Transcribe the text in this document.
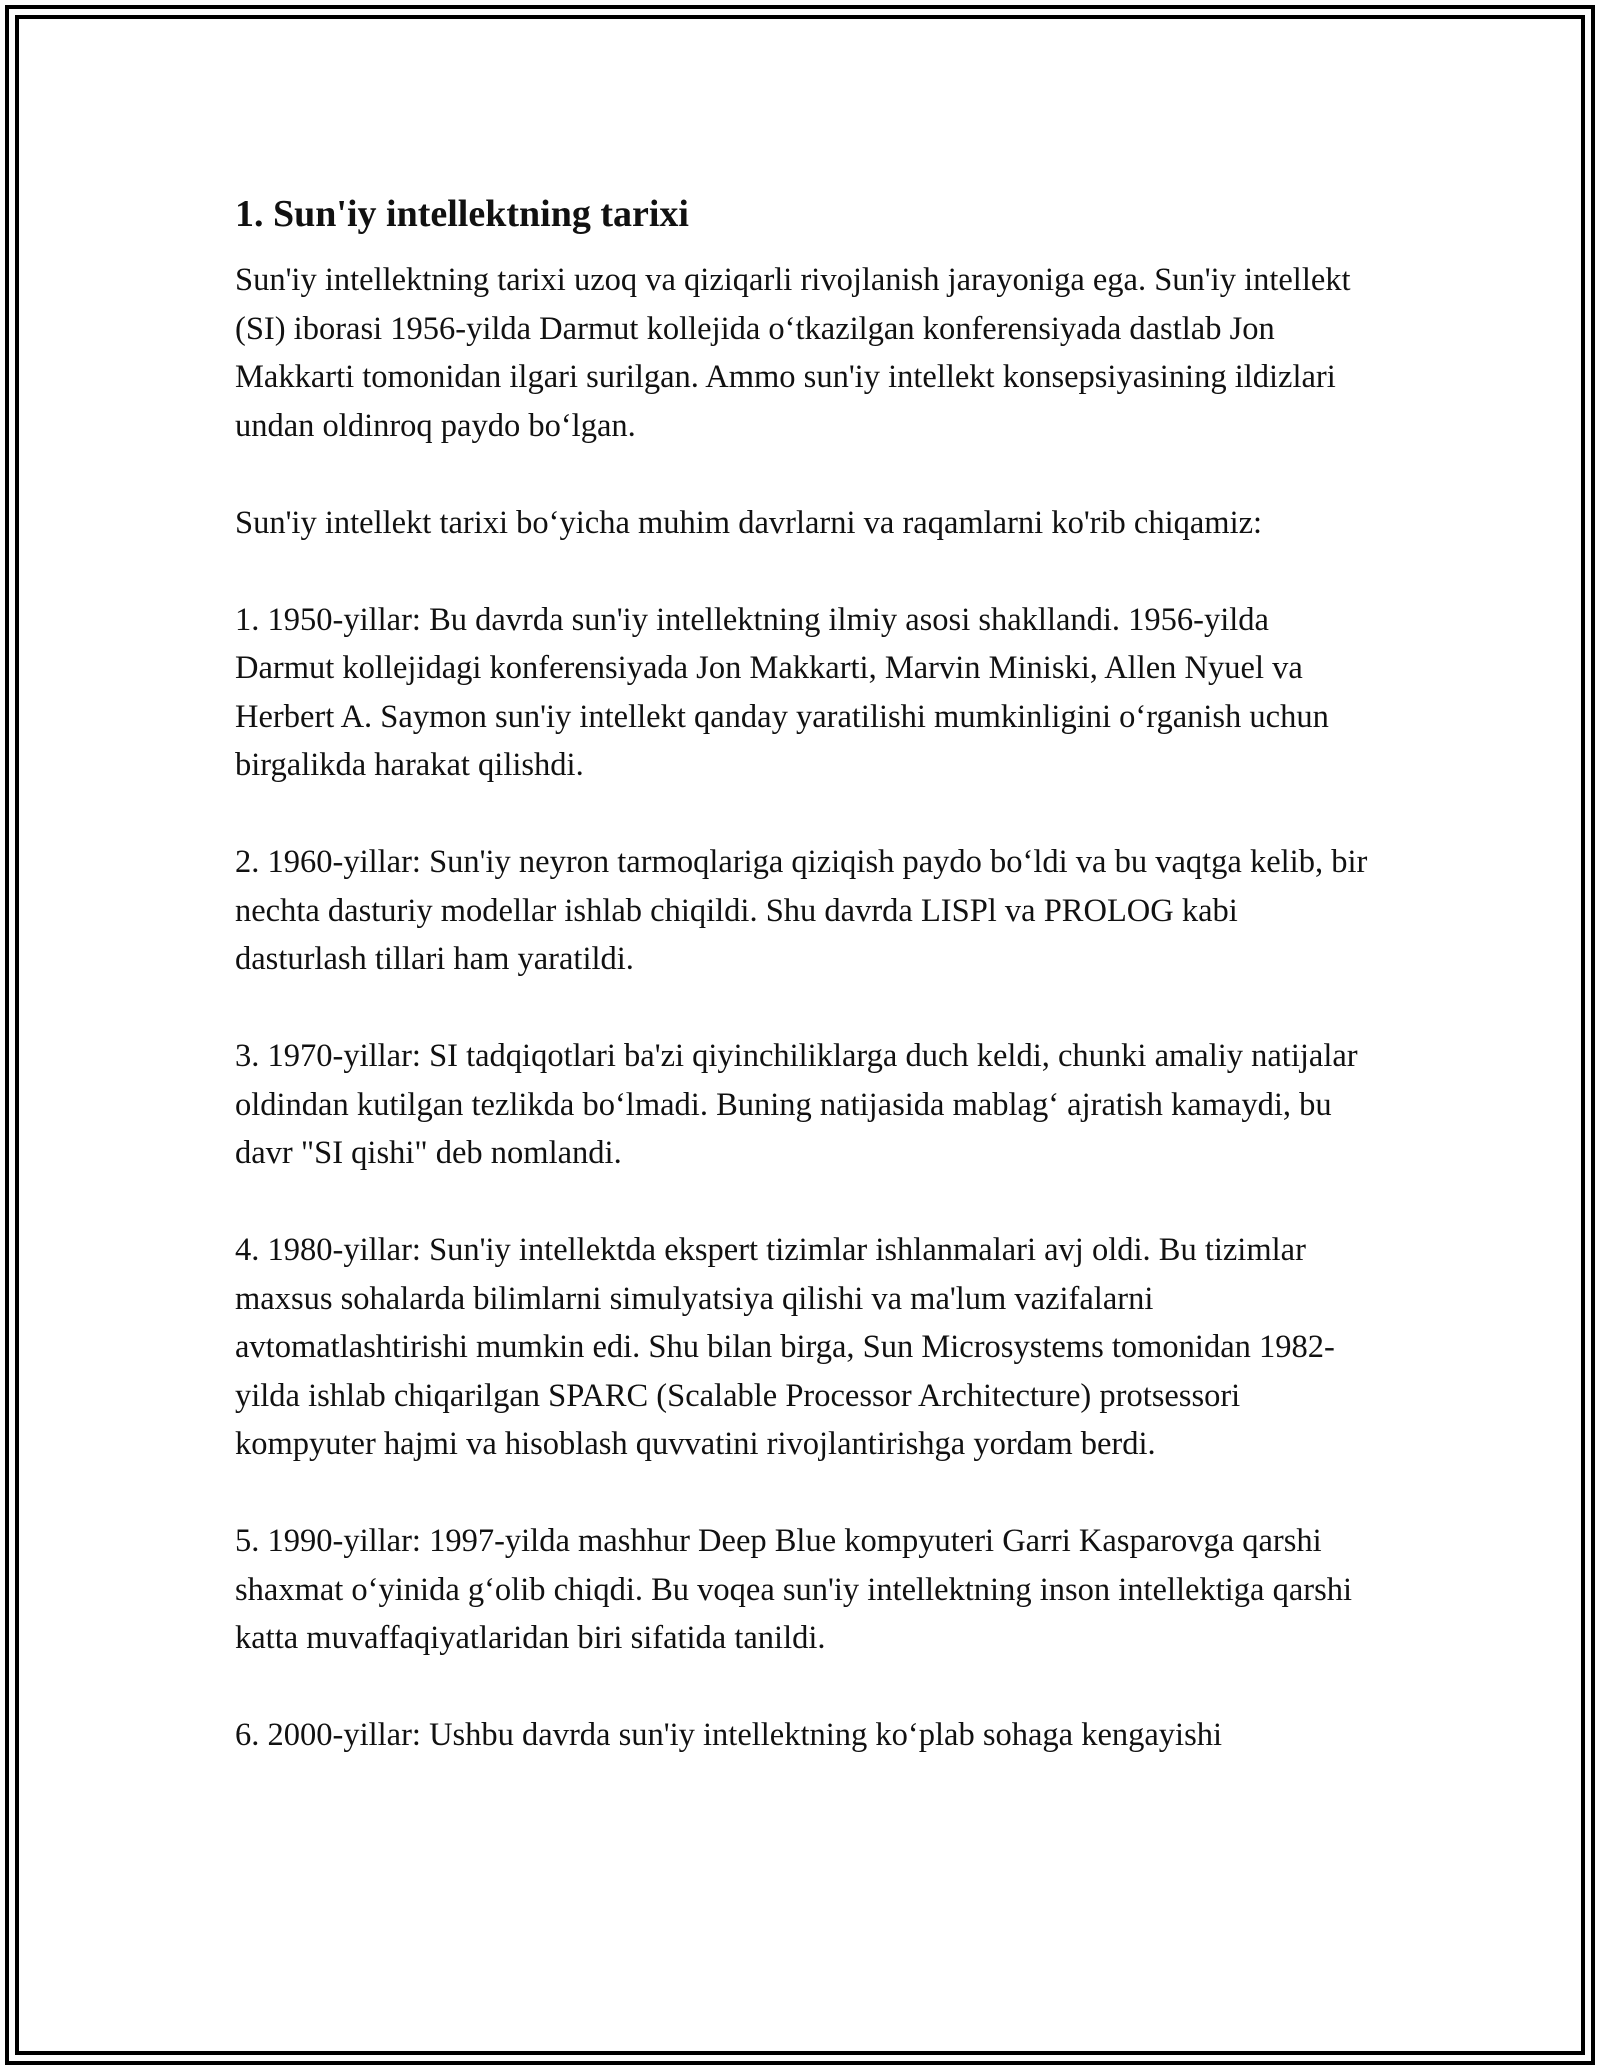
1. Sun'iy intellektning tarixi

Sun'iy intellektning tarixi uzoq va qiziqarli rivojlanish jarayoniga ega. Sun'iy intellekt (SI) iborasi 1956-yilda Darmut kollejida o‘tkazilgan konferensiyada dastlab Jon Makkarti tomonidan ilgari surilgan. Ammo sun'iy intellekt konsepsiyasining ildizlari undan oldinroq paydo bo‘lgan.

Sun'iy intellekt tarixi bo‘yicha muhim davrlarni va raqamlarni ko'rib chiqamiz:

1. 1950-yillar: Bu davrda sun'iy intellektning ilmiy asosi shakllandi. 1956-yilda Darmut kollejidagi konferensiyada Jon Makkarti, Marvin Miniski, Allen Nyuel va Herbert A. Saymon sun'iy intellekt qanday yaratilishi mumkinligini o‘rganish uchun birgalikda harakat qilishdi.

2. 1960-yillar: Sun'iy neyron tarmoqlariga qiziqish paydo bo‘ldi va bu vaqtga kelib, bir nechta dasturiy modellar ishlab chiqildi. Shu davrda LISPl va PROLOG kabi dasturlash tillari ham yaratildi.

3. 1970-yillar: SI tadqiqotlari ba'zi qiyinchiliklarga duch keldi, chunki amaliy natijalar oldindan kutilgan tezlikda bo‘lmadi. Buning natijasida mablag‘ ajratish kamaydi, bu davr "SI qishi" deb nomlandi.

4. 1980-yillar: Sun'iy intellektda ekspert tizimlar ishlanmalari avj oldi. Bu tizimlar maxsus sohalarda bilimlarni simulyatsiya qilishi va ma'lum vazifalarni avtomatlashtirishi mumkin edi. Shu bilan birga, Sun Microsystems tomonidan 1982-yilda ishlab chiqarilgan SPARC (Scalable Processor Architecture) protsessori kompyuter hajmi va hisoblash quvvatini rivojlantirishga yordam berdi.

5. 1990-yillar: 1997-yilda mashhur Deep Blue kompyuteri Garri Kasparovga qarshi shaxmat o‘yinida g‘olib chiqdi. Bu voqea sun'iy intellektning inson intellektiga qarshi katta muvaffaqiyatlaridan biri sifatida tanildi.

6. 2000-yillar: Ushbu davrda sun'iy intellektning ko‘plab sohaga kengayishi
